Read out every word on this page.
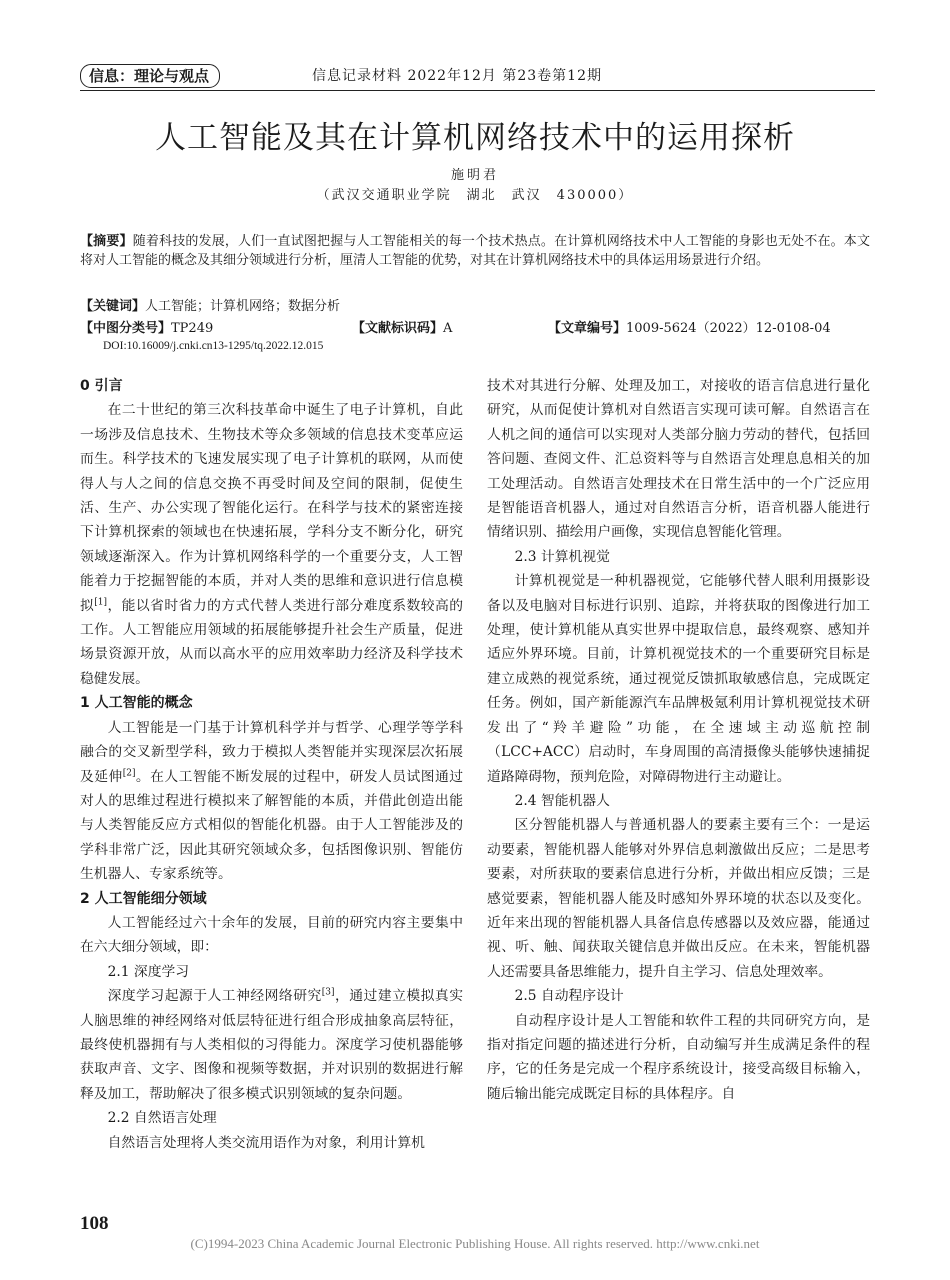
信息：理论与观点	信息记录材料 2022年12月 第23卷第12期
人工智能及其在计算机网络技术中的运用探析
施明君
（武汉交通职业学院　湖北　武汉　430000）
【摘要】随着科技的发展，人们一直试图把握与人工智能相关的每一个技术热点。在计算机网络技术中人工智能的身影也无处不在。本文将对人工智能的概念及其细分领域进行分析，厘清人工智能的优势，对其在计算机网络技术中的具体运用场景进行介绍。
【关键词】人工智能；计算机网络；数据分析
【中图分类号】TP249	【文献标识码】A	【文章编号】1009-5624（2022）12-0108-04
DOI:10.16009/j.cnki.cn13-1295/tq.2022.12.015
0 引言

在二十世纪的第三次科技革命中诞生了电子计算机，自此一场涉及信息技术、生物技术等众多领域的信息技术变革应运而生。科学技术的飞速发展实现了电子计算机的联网，从而使得人与人之间的信息交换不再受时间及空间的限制，促使生活、生产、办公实现了智能化运行。在科学与技术的紧密连接下计算机探索的领域也在快速拓展，学科分支不断分化，研究领域逐渐深入。作为计算机网络科学的一个重要分支，人工智能着力于挖掘智能的本质，并对人类的思维和意识进行信息模拟[1]，能以省时省力的方式代替人类进行部分难度系数较高的工作。人工智能应用领域的拓展能够提升社会生产质量，促进场景资源开放，从而以高水平的应用效率助力经济及科学技术稳健发展。

1 人工智能的概念

人工智能是一门基于计算机科学并与哲学、心理学等学科融合的交叉新型学科，致力于模拟人类智能并实现深层次拓展及延伸[2]。在人工智能不断发展的过程中，研发人员试图通过对人的思维过程进行模拟来了解智能的本质，并借此创造出能与人类智能反应方式相似的智能化机器。由于人工智能涉及的学科非常广泛，因此其研究领域众多，包括图像识别、智能仿生机器人、专家系统等。

2 人工智能细分领域

人工智能经过六十余年的发展，目前的研究内容主要集中在六大细分领域，即：

2.1 深度学习

深度学习起源于人工神经网络研究[3]，通过建立模拟真实人脑思维的神经网络对低层特征进行组合形成抽象高层特征，最终使机器拥有与人类相似的习得能力。深度学习使机器能够获取声音、文字、图像和视频等数据，并对识别的数据进行解释及加工，帮助解决了很多模式识别领域的复杂问题。

2.2 自然语言处理

自然语言处理将人类交流用语作为对象，利用计算机

技术对其进行分解、处理及加工，对接收的语言信息进行量化研究，从而促使计算机对自然语言实现可读可解。自然语言在人机之间的通信可以实现对人类部分脑力劳动的替代，包括回答问题、查阅文件、汇总资料等与自然语言处理息息相关的加工处理活动。自然语言处理技术在日常生活中的一个广泛应用是智能语音机器人，通过对自然语言分析，语音机器人能进行情绪识别、描绘用户画像，实现信息智能化管理。

2.3 计算机视觉

计算机视觉是一种机器视觉，它能够代替人眼利用摄影设备以及电脑对目标进行识别、追踪，并将获取的图像进行加工处理，使计算机能从真实世界中提取信息，最终观察、感知并适应外界环境。目前，计算机视觉技术的一个重要研究目标是建立成熟的视觉系统，通过视觉反馈抓取敏感信息，完成既定任务。例如，国产新能源汽车品牌极氪利用计算机视觉技术研发出了“羚羊避险”功能，在全速域主动巡航控制（LCC+ACC）启动时，车身周围的高清摄像头能够快速捕捉道路障碍物，预判危险，对障碍物进行主动避让。

2.4 智能机器人

区分智能机器人与普通机器人的要素主要有三个：一是运动要素，智能机器人能够对外界信息刺激做出反应；二是思考要素，对所获取的要素信息进行分析，并做出相应反馈；三是感觉要素，智能机器人能及时感知外界环境的状态以及变化。近年来出现的智能机器人具备信息传感器以及效应器，能通过视、听、触、闻获取关键信息并做出反应。在未来，智能机器人还需要具备思维能力，提升自主学习、信息处理效率。

2.5 自动程序设计

自动程序设计是人工智能和软件工程的共同研究方向，是指对指定问题的描述进行分析，自动编写并生成满足条件的程序，它的任务是完成一个程序系统设计，接受高级目标输入，随后输出能完成既定目标的具体程序。自

108
(C)1994-2023 China Academic Journal Electronic Publishing House. All rights reserved. http://www.cnki.net
